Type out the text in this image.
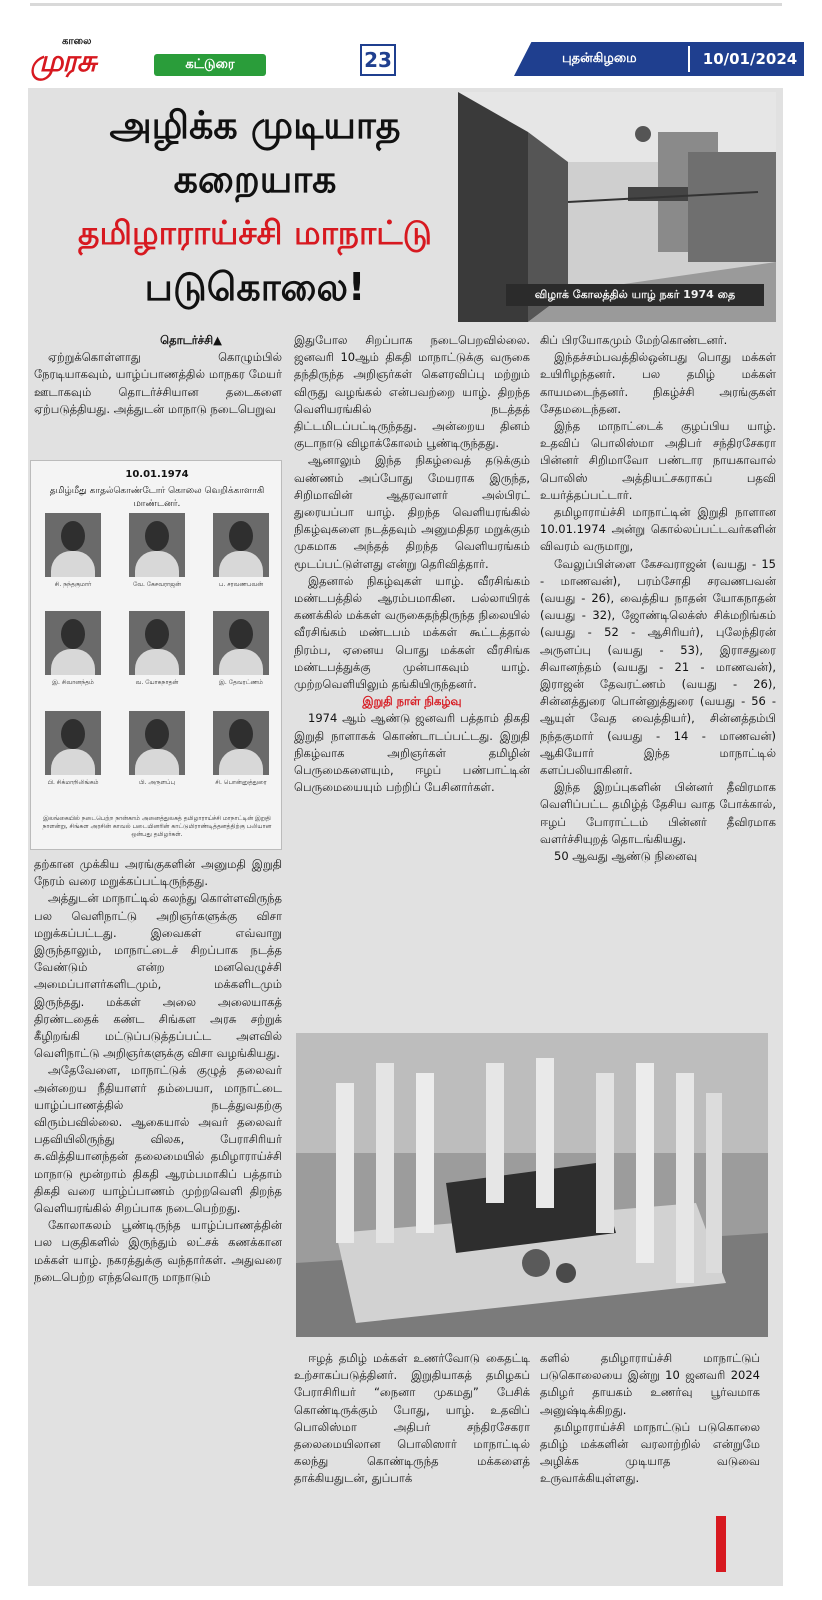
காலை
முரசு	கட்டுரை	23	புதன்கிழமை	10/01/2024
அழிக்க முடியாத
கறையாக
தமிழாராய்ச்சி மாநாட்டு
படுகொலை!	விழாக் கோலத்தில் யாழ் நகர் 1974 தை

தொடர்ச்சி▲

ஏற்றுக்கொள்ளாது கொழும்பில் நேரடியாகவும், யாழ்ப்பாணத்தில் மாநகர மேயர் ஊடாகவும் தொடர்ச்சியான தடைகளை ஏற்படுத்தியது. அத்துடன் மாநாடு நடைபெறுவ

10.01.1974
தமிழ்மீது காதல்கொண்டோர் கொலை வெறிக்காளாகி மாண்டனர்.
சி. நந்தகுமார்	வே. கேசவராஜன்	ப. சரவணபவன்
இ. சிவானந்தம்	வ. யோகநாதன்	இ. தேவரட்ணம்
பி. சிக்மாறிலிங்கம்	பி. அருளப்பு	சி. பொன்னுத்துரை
இலங்கையில் நடைபெற்ற நான்காம் அனைத்துலகத் தமிழாராய்ச்சி மாநாட்டின் இறுதி நாளன்று, சிங்கள அரசின் காவல் படையினரின் காட்டுமிராண்டித்தனத்திற்கு பலியான ஒன்பது தமிழர்கள்.

தற்கான முக்கிய அரங்குகளின் அனுமதி இறுதி நேரம் வரை மறுக்கப்பட்டிருந்தது.

அத்துடன் மாநாட்டில் கலந்து கொள்ளவிருந்த பல வெளிநாட்டு அறிஞர்களுக்கு விசா மறுக்கப்பட்டது. இவைகள் எவ்வாறு இருந்தாலும், மாநாட்டைச் சிறப்பாக நடத்த வேண்டும் என்ற மனவெழுச்சி அமைப்பாளர்களிடமும், மக்களிடமும் இருந்தது. மக்கள் அலை அலையாகத் திரண்டதைக் கண்ட சிங்கள அரசு சற்றுக் கீழிறங்கி மட்டுப்படுத்தப்பட்ட அளவில் வெளிநாட்டு அறிஞர்களுக்கு விசா வழங்கியது.

அதேவேளை, மாநாட்டுக் குழுத் தலைவர் அன்றைய நீதியாளர் தம்பையா, மாநாட்டை யாழ்ப்பாணத்தில் நடத்துவதற்கு விரும்பவில்லை. ஆகையால் அவர் தலைவர் பதவியிலிருந்து விலக, பேராசிரியர் சு.வித்தியானந்தன் தலைமையில் தமிழாராய்ச்சி மாநாடு மூன்றாம் திகதி ஆரம்பமாகிப் பத்தாம் திகதி வரை யாழ்ப்பாணம் முற்றவெளி திறந்த வெளியரங்கில் சிறப்பாக நடைபெற்றது.

கோலாகலம் பூண்டிருந்த யாழ்ப்பாணத்தின் பல பகுதிகளில் இருந்தும் லட்சக் கணக்கான மக்கள் யாழ். நகரத்துக்கு வந்தார்கள். அதுவரை நடைபெற்ற எந்தவொரு மாநாடும்

இதுபோல சிறப்பாக நடைபெறவில்லை. ஜனவரி 10ஆம் திகதி மாநாட்டுக்கு வருகை தந்திருந்த அறிஞர்கள் கௌரவிப்பு மற்றும் விருது வழங்கல் என்பவற்றை யாழ். திறந்த வெளியரங்கில் நடத்தத் திட்டமிடப்பட்டிருந்தது. அன்றைய தினம் குடாநாடு விழாக்கோலம் பூண்டிருந்தது.

ஆனாலும் இந்த நிகழ்வைத் தடுக்கும் வண்ணம் அப்போது மேயராக இருந்த, சிறிமாவின் ஆதரவாளர் அல்பிரட் துரையப்பா யாழ். திறந்த வெளியரங்கில் நிகழ்வுகளை நடத்தவும் அனுமதிதர மறுக்கும் முகமாக அந்தத் திறந்த வெளியரங்கம் மூடப்பட்டுள்ளது என்று தெரிவித்தார்.

இதனால் நிகழ்வுகள் யாழ். வீரசிங்கம் மண்டபத்தில் ஆரம்பமாகின. பல்லாயிரக் கணக்கில் மக்கள் வருகைதந்திருந்த நிலையில் வீரசிங்கம் மண்டபம் மக்கள் கூட்டத்தால் நிரம்ப, ஏனைய பொது மக்கள் வீரசிங்க மண்டபத்துக்கு முன்பாகவும் யாழ். முற்றவெளியிலும் தங்கியிருந்தனர்.

இறுதி நாள் நிகழ்வு

1974 ஆம் ஆண்டு ஜனவரி பத்தாம் திகதி இறுதி நாளாகக் கொண்டாடப்பட்டது. இறுதி நிகழ்வாக அறிஞர்கள் தமிழின் பெருமைகளையும், ஈழப் பண்பாட்டின் பெருமையையும் பற்றிப் பேசினார்கள்.

கிப் பிரயோகமும் மேற்கொண்டனர்.

இந்தச்சம்பவத்தில்ஒன்பது பொது மக்கள் உயிரிழந்தனர். பல தமிழ் மக்கள் காயமடைந்தனர். நிகழ்ச்சி அரங்குகள் சேதமடைந்தன.

இந்த மாநாட்டைக் குழப்பிய யாழ். உதவிப் பொலிஸ்மா அதிபர் சந்திரசேகரா பின்னர் சிறிமாவோ பண்டார நாயகாவால் பொலிஸ் அத்தியட்சகராகப் பதவி உயர்த்தப்பட்டார்.

தமிழாராய்ச்சி மாநாட்டின் இறுதி நாளான 10.01.1974 அன்று கொல்லப்பட்டவர்களின் விவரம் வருமாறு,

வேலுப்பிள்ளை கேசவராஜன் (வயது - 15 - மாணவன்), பரம்சோதி சரவணபவன் (வயது - 26), வைத்திய நாதன் யோகநாதன் (வயது - 32), ஜோண்டிலெக்ஸ் சிக்மறிங்கம் (வயது - 52 - ஆசிரியர்), புலேந்திரன் அருளப்பு (வயது - 53), இராசதுரை சிவானந்தம் (வயது - 21 - மாணவன்), இராஜன் தேவரட்ணம் (வயது - 26), சின்னத்துரை பொன்னுத்துரை (வயது - 56 - ஆயுள் வேத வைத்தியர்), சின்னத்தம்பி நந்தகுமார் (வயது - 14 - மாணவன்) ஆகியோர் இந்த மாநாட்டில் களப்பலியாகினர்.

இந்த இறப்புகளின் பின்னர் தீவிரமாக வெளிப்பட்ட தமிழ்த் தேசிய வாத போக்கால், ஈழப் போராட்டம் பின்னர் தீவிரமாக வளர்ச்சியுறத் தொடங்கியது.

50 ஆவது ஆண்டு நினைவு

ஈழத் தமிழ் மக்கள் உணர்வோடு கைதட்டி உற்சாகப்படுத்தினர். இறுதியாகத் தமிழகப் பேராசிரியர் “நைனா முகமது” பேசிக் கொண்டிருக்கும் போது, யாழ். உதவிப் பொலிஸ்மா அதிபர் சந்திரசேகரா தலைமையிலான பொலிஸார் மாநாட்டில் கலந்து கொண்டிருந்த மக்களைத் தாக்கியதுடன், துப்பாக்

களில் தமிழாராய்ச்சி மாநாட்டுப் படுகொலையை இன்று 10 ஜனவரி 2024 தமிழர் தாயகம் உணர்வு பூர்வமாக அனுஷ்டிக்கிறது.

தமிழாராய்ச்சி மாநாட்டுப் படுகொலை தமிழ் மக்களின் வரலாற்றில் என்றுமே அழிக்க முடியாத வடுவை உருவாக்கியுள்ளது.
